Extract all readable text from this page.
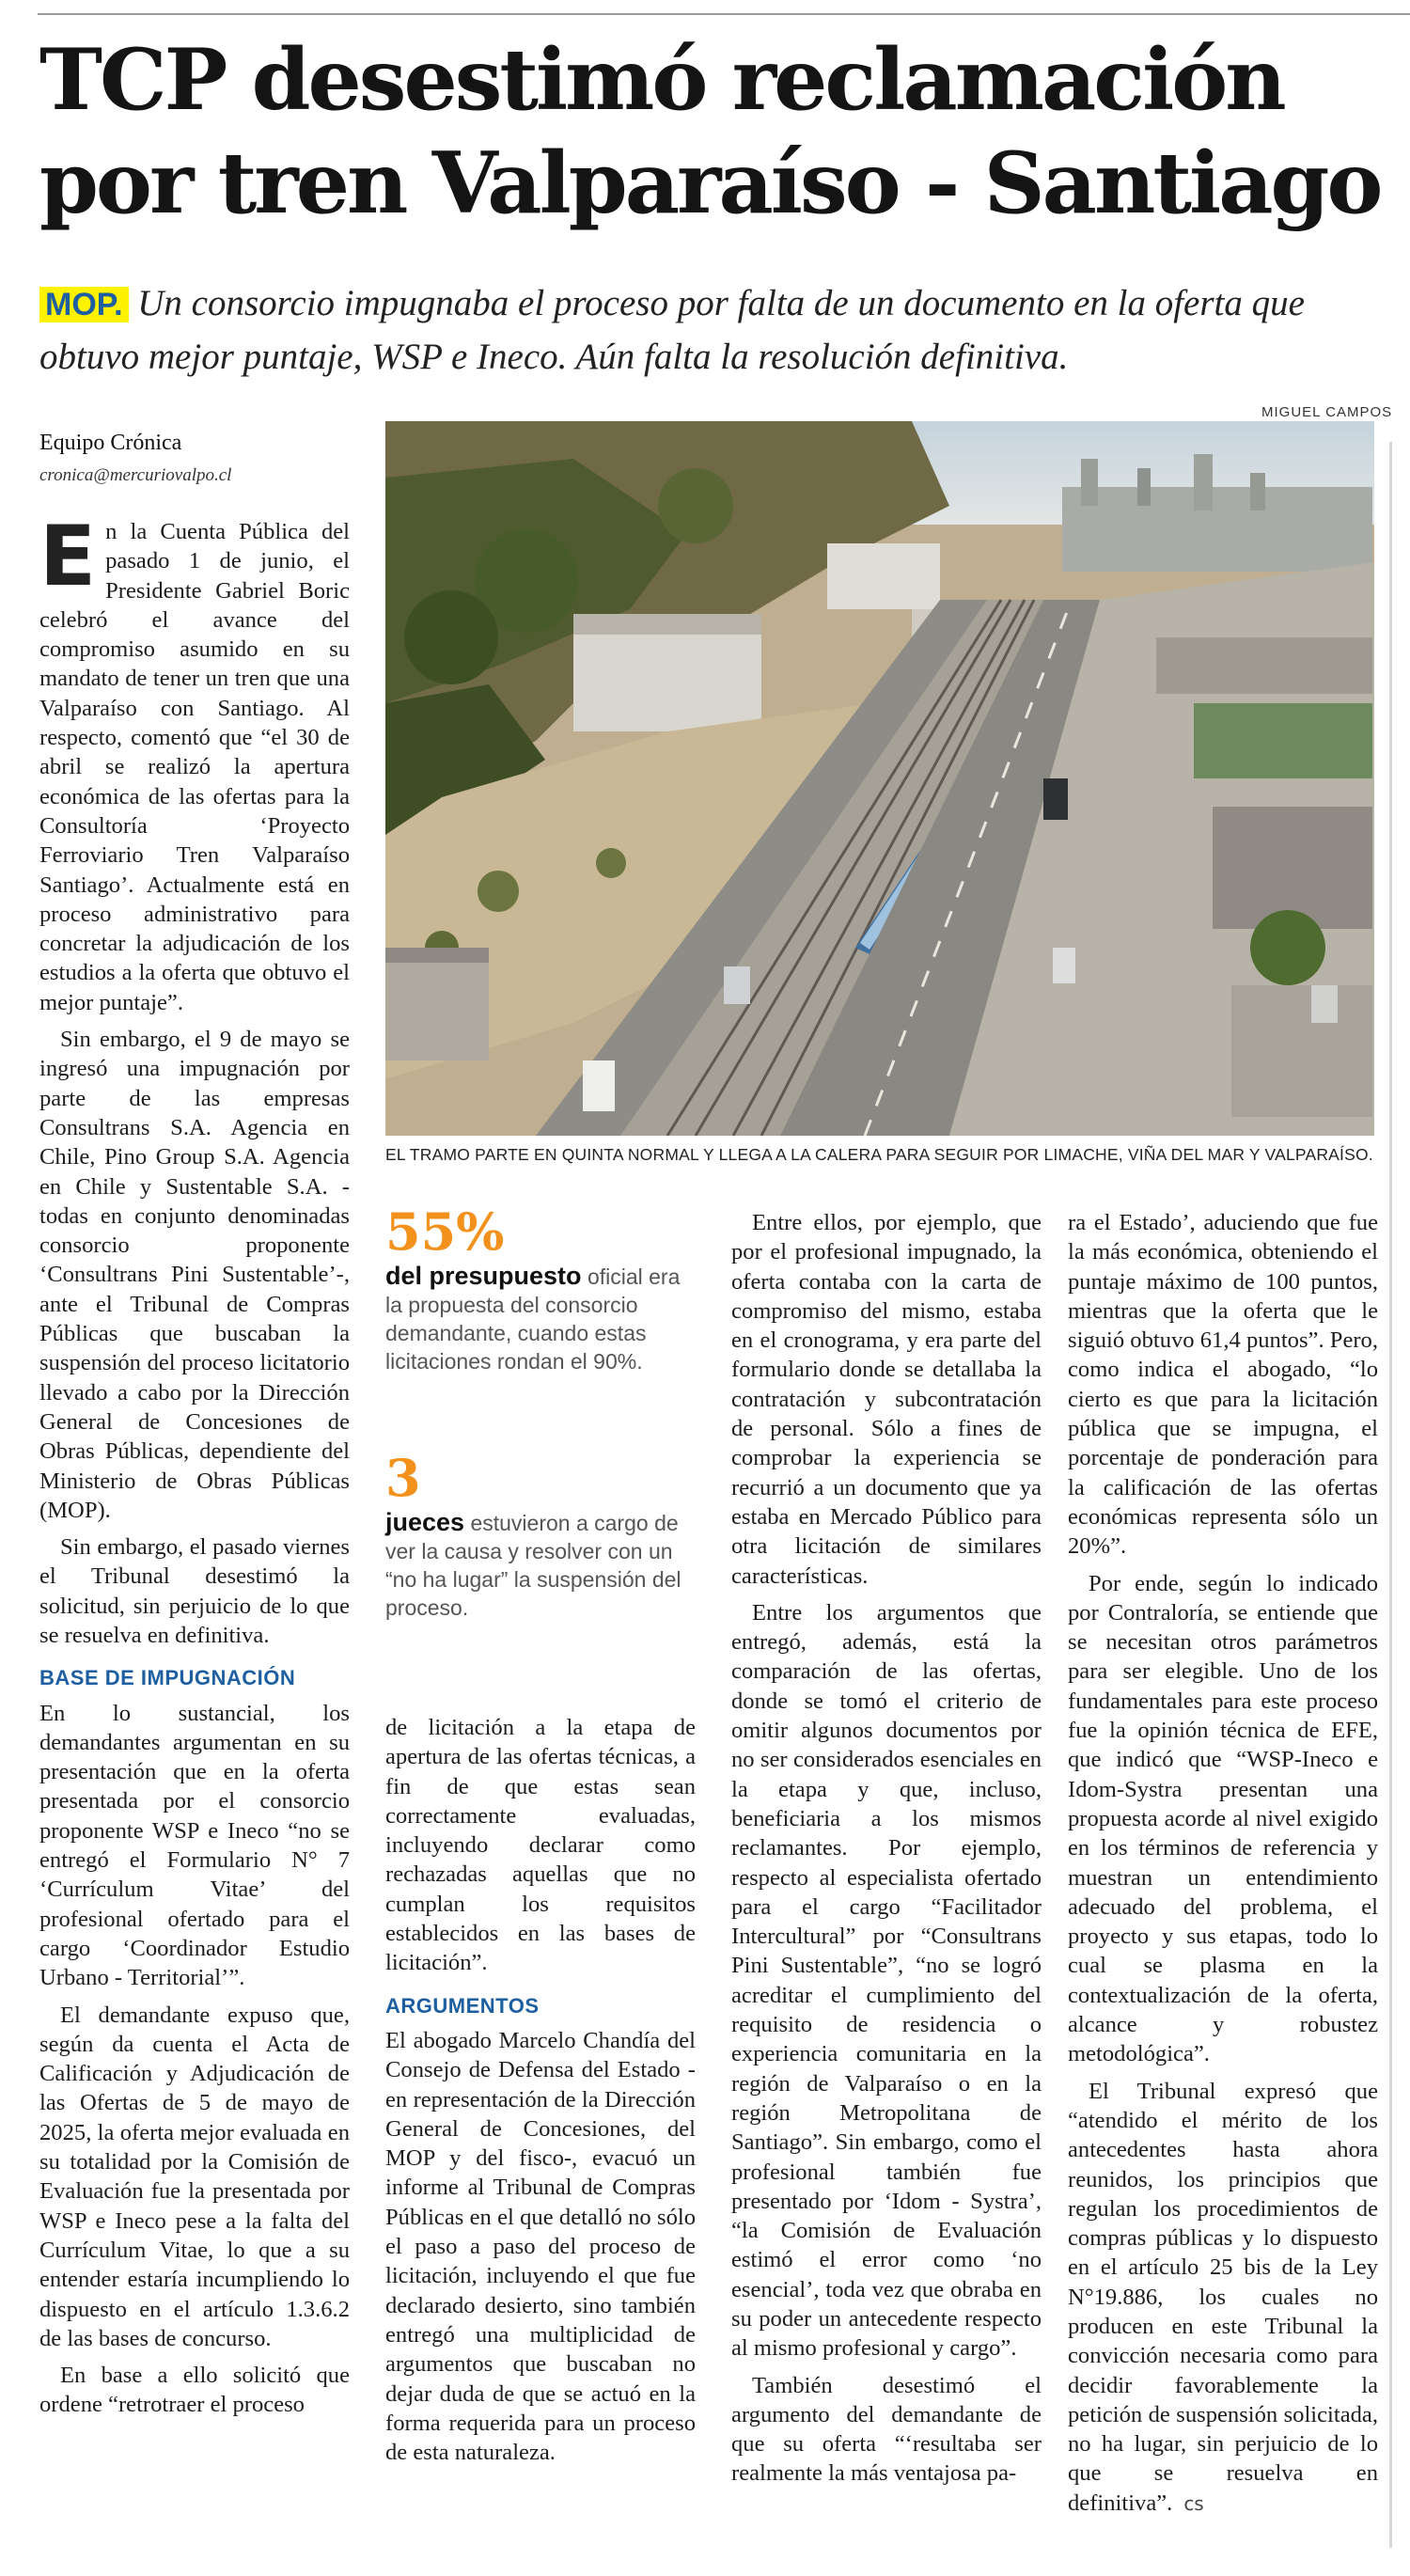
TCP desestimó reclamación por tren Valparaíso - Santiago

MOP. Un consorcio impugnaba el proceso por falta de un documento en la oferta que obtuvo mejor puntaje, WSP e Ineco. Aún falta la resolución definitiva.

MIGUEL CAMPOS
EL TRAMO PARTE EN QUINTA NORMAL Y LLEGA A LA CALERA PARA SEGUIR POR LIMACHE, VIÑA DEL MAR Y VALPARAÍSO.
Equipo Crónica
cronica@mercuriovalpo.cl

En la Cuenta Pública del pasado 1 de junio, el Presidente Gabriel Boric celebró el avance del compromiso asumido en su mandato de tener un tren que una Valparaíso con Santiago. Al respecto, comentó que “el 30 de abril se realizó la apertura económica de las ofertas para la Consultoría ‘Proyecto Ferroviario Tren Valparaíso Santiago’. Actualmente está en proceso administrativo para concretar la adjudicación de los estudios a la oferta que obtuvo el mejor puntaje”.

Sin embargo, el 9 de mayo se ingresó una impugnación por parte de las empresas Consultrans S.A. Agencia en Chile, Pino Group S.A. Agencia en Chile y Sustentable S.A. -todas en conjunto denominadas consorcio proponente ‘Consultrans Pini Sustentable’-, ante el Tribunal de Compras Públicas que buscaban la suspensión del proceso licitatorio llevado a cabo por la Dirección General de Concesiones de Obras Públicas, dependiente del Ministerio de Obras Públicas (MOP).

Sin embargo, el pasado viernes el Tribunal desestimó la solicitud, sin perjuicio de lo que se resuelva en definitiva.

BASE DE IMPUGNACIÓN

En lo sustancial, los demandantes argumentan en su presentación que en la oferta presentada por el consorcio proponente WSP e Ineco “no se entregó el Formulario N° 7 ‘Currículum Vitae’ del profesional ofertado para el cargo ‘Coordinador Estudio Urbano - Territorial’”.

El demandante expuso que, según da cuenta el Acta de Calificación y Adjudicación de las Ofertas de 5 de mayo de 2025, la oferta mejor evaluada en su totalidad por la Comisión de Evaluación fue la presentada por WSP e Ineco pese a la falta del Currículum Vitae, lo que a su entender estaría incumpliendo lo dispuesto en el artículo 1.3.6.2 de las bases de concurso.

En base a ello solicitó que ordene “retrotraer el proceso

55%
del presupuesto oficial era la propuesta del consorcio demandante, cuando estas licitaciones rondan el 90%.
3
jueces estuvieron a cargo de ver la causa y resolver con un “no ha lugar” la suspensión del proceso.

de licitación a la etapa de apertura de las ofertas técnicas, a fin de que estas sean correctamente evaluadas, incluyendo declarar como rechazadas aquellas que no cumplan los requisitos establecidos en las bases de licitación”.

ARGUMENTOS

El abogado Marcelo Chandía del Consejo de Defensa del Estado -en representación de la Dirección General de Concesiones, del MOP y del fisco-, evacuó un informe al Tribunal de Compras Públicas en el que detalló no sólo el paso a paso del proceso de licitación, incluyendo el que fue declarado desierto, sino también entregó una multiplicidad de argumentos que buscaban no dejar duda de que se actuó en la forma requerida para un proceso de esta naturaleza.

Entre ellos, por ejemplo, que por el profesional impugnado, la oferta contaba con la carta de compromiso del mismo, estaba en el cronograma, y era parte del formulario donde se detallaba la contratación y subcontratación de personal. Sólo a fines de comprobar la experiencia se recurrió a un documento que ya estaba en Mercado Público para otra licitación de similares características.

Entre los argumentos que entregó, además, está la comparación de las ofertas, donde se tomó el criterio de omitir algunos documentos por no ser considerados esenciales en la etapa y que, incluso, beneficiaria a los mismos reclamantes. Por ejemplo, respecto al especialista ofertado para el cargo “Facilitador Intercultural” por “Consultrans Pini Sustentable”, “no se logró acreditar el cumplimiento del requisito de residencia o experiencia comunitaria en la región de Valparaíso o en la región Metropolitana de Santiago”. Sin embargo, como el profesional también fue presentado por ‘Idom - Systra’, “la Comisión de Evaluación estimó el error como ‘no esencial’, toda vez que obraba en su poder un antecedente respecto al mismo profesional y cargo”.

También desestimó el argumento del demandante de que su oferta “‘resultaba ser realmente la más ventajosa pa-

ra el Estado’, aduciendo que fue la más económica, obteniendo el puntaje máximo de 100 puntos, mientras que la oferta que le siguió obtuvo 61,4 puntos”. Pero, como indica el abogado, “lo cierto es que para la licitación pública que se impugna, el porcentaje de ponderación para la calificación de las ofertas económicas representa sólo un 20%”.

Por ende, según lo indicado por Contraloría, se entiende que se necesitan otros parámetros para ser elegible. Uno de los fundamentales para este proceso fue la opinión técnica de EFE, que indicó que “WSP-Ineco e Idom-Systra presentan una propuesta acorde al nivel exigido en los términos de referencia y muestran un entendimiento adecuado del problema, el proyecto y sus etapas, todo lo cual se plasma en la contextualización de la oferta, alcance y robustez metodológica”.

El Tribunal expresó que “atendido el mérito de los antecedentes hasta ahora reunidos, los principios que regulan los procedimientos de compras públicas y lo dispuesto en el artículo 25 bis de la Ley N°19.886, los cuales no producen en este Tribunal la convicción necesaria como para decidir favorablemente la petición de suspensión solicitada, no ha lugar, sin perjuicio de lo que se resuelva en definitiva”. cs
